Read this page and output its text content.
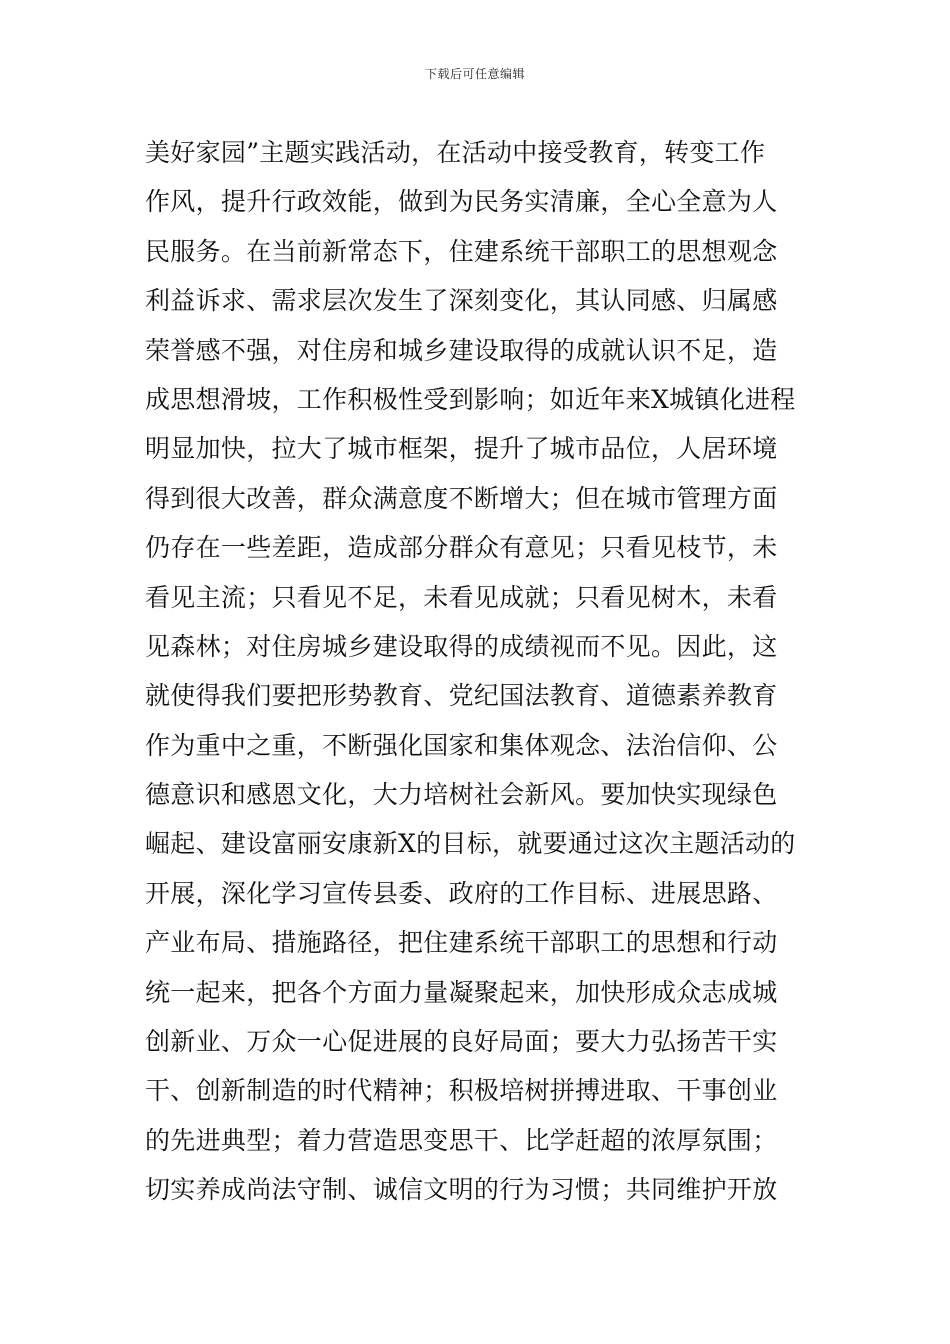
下载后可任意编辑
美好家园”主题实践活动，在活动中接受教育，转变工作
作风，提升行政效能，做到为民务实清廉，全心全意为人
民服务。在当前新常态下，住建系统干部职工的思想观念
利益诉求、需求层次发生了深刻变化，其认同感、归属感
荣誉感不强，对住房和城乡建设取得的成就认识不足，造
成思想滑坡，工作积极性受到影响；如近年来X城镇化进程
明显加快，拉大了城市框架，提升了城市品位，人居环境
得到很大改善，群众满意度不断增大；但在城市管理方面
仍存在一些差距，造成部分群众有意见；只看见枝节，未
看见主流；只看见不足，未看见成就；只看见树木，未看
见森林；对住房城乡建设取得的成绩视而不见。因此，这
就使得我们要把形势教育、党纪国法教育、道德素养教育
作为重中之重，不断强化国家和集体观念、法治信仰、公
德意识和感恩文化，大力培树社会新风。要加快实现绿色
崛起、建设富丽安康新X的目标，就要通过这次主题活动的
开展，深化学习宣传县委、政府的工作目标、进展思路、
产业布局、措施路径，把住建系统干部职工的思想和行动
统一起来，把各个方面力量凝聚起来，加快形成众志成城
创新业、万众一心促进展的良好局面；要大力弘扬苦干实
干、创新制造的时代精神；积极培树拼搏进取、干事创业
的先进典型；着力营造思变思干、比学赶超的浓厚氛围；
切实养成尚法守制、诚信文明的行为习惯；共同维护开放
